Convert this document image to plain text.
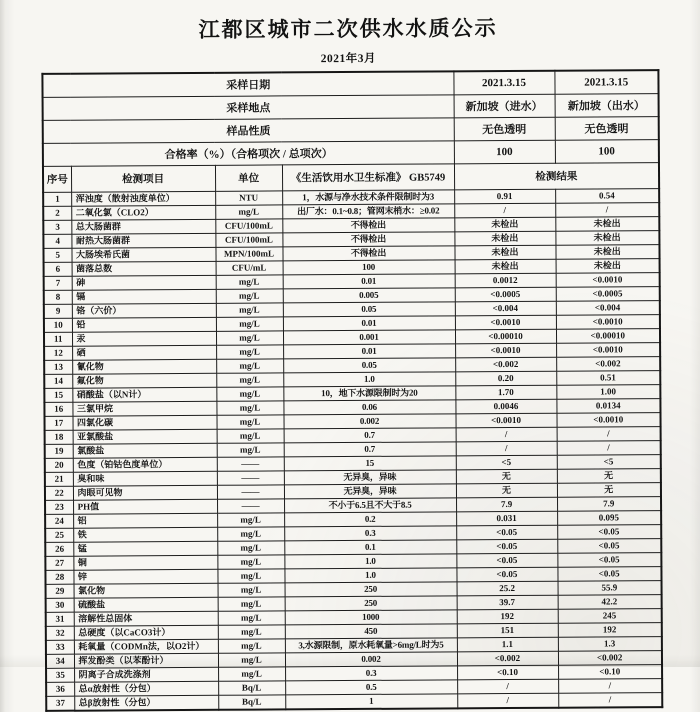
江都区城市二次供水水质公示
2021年3月
采样日期				2021.3.15	2021.3.15
采样地点				新加坡（进水）	新加坡（出水）
样品性质				无色透明	无色透明
合格率（%）（合格项次 / 总项次）				100	100
序号	检测项目	单位	《生活饮用水卫生标准》 GB5749	检测结果	
1	浑浊度（散射浊度单位）	NTU	1，水源与净水技术条件限制时为3	0.91	0.54
2	二氧化氯（CLO2）	mg/L	出厂水：0.1~0.8；管网末梢水：≥0.02	/	/
3	总大肠菌群	CFU/100mL	不得检出	未检出	未检出
4	耐热大肠菌群	CFU/100mL	不得检出	未检出	未检出
5	大肠埃希氏菌	MPN/100mL	不得检出	未检出	未检出
6	菌落总数	CFU/mL	100	未检出	未检出
7	砷	mg/L	0.01	0.0012	<0.0010
8	镉	mg/L	0.005	<0.0005	<0.0005
9	铬（六价）	mg/L	0.05	<0.004	<0.004
10	铅	mg/L	0.01	<0.0010	<0.0010
11	汞	mg/L	0.001	<0.00010	<0.00010
12	硒	mg/L	0.01	<0.0010	<0.0010
13	氰化物	mg/L	0.05	<0.002	<0.002
14	氟化物	mg/L	1.0	0.20	0.51
15	硝酸盐（以N计）	mg/L	10，地下水源限制时为20	1.70	1.00
16	三氯甲烷	mg/L	0.06	0.0046	0.0134
17	四氯化碳	mg/L	0.002	<0.0010	<0.0010
18	亚氯酸盐	mg/L	0.7	/	/
19	氯酸盐	mg/L	0.7	/	/
20	色度（铂钴色度单位）	——	15	<5	<5
21	臭和味	——	无异臭，异味	无	无
22	肉眼可见物	——	无异臭，异味	无	无
23	PH值	——	不小于6.5且不大于8.5	7.9	7.9
24	铝	mg/L	0.2	0.031	0.095
25	铁	mg/L	0.3	<0.05	<0.05
26	锰	mg/L	0.1	<0.05	<0.05
27	铜	mg/L	1.0	<0.05	<0.05
28	锌	mg/L	1.0	<0.05	<0.05
29	氯化物	mg/L	250	25.2	55.9
30	硫酸盐	mg/L	250	39.7	42.2
31	溶解性总固体	mg/L	1000	192	245
32	总硬度（以CaCO3计）	mg/L	450	151	192
33	耗氧量（CODMn法，以O2计）	mg/L	3,水源限制，原水耗氧量>6mg/L时为5	1.1	1.3
34	挥发酚类（以苯酚计）	mg/L	0.002	<0.002	<0.002
35	阴离子合成洗涤剂	mg/L	0.3	<0.10	<0.10
36	总α放射性（分包）	Bq/L	0.5	/	/
37	总β放射性（分包）	Bq/L	1	/	/
